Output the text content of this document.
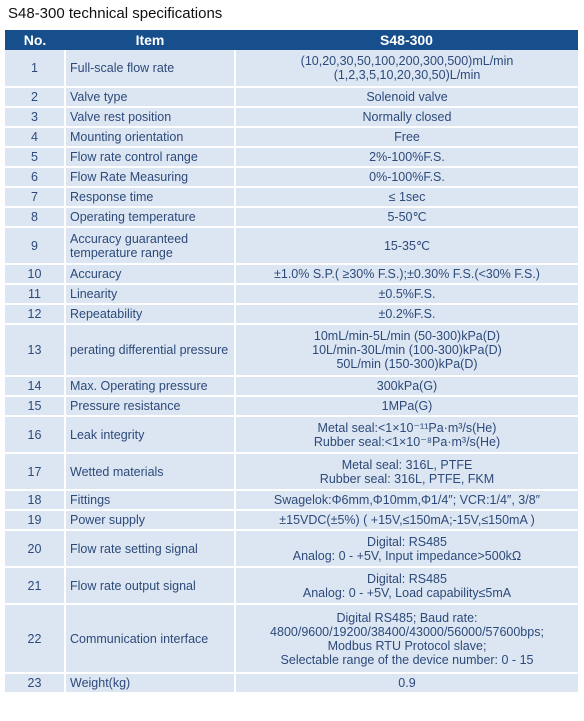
S48-300 technical specifications
No.	Item	S48-300
1	Full-scale flow rate	(10,20,30,50,100,200,300,500)mL/min
(1,2,3,5,10,20,30,50)L/min

2	Valve type	Solenoid valve

3	Valve rest position	Normally closed

4	Mounting orientation	Free

5	Flow rate control range	2%-100%F.S.

6	Flow Rate Measuring	0%-100%F.S.

7	Response time	≤ 1sec

8	Operating temperature	5-50℃

9	Accuracy guaranteed temperature range	15-35℃

10	Accuracy	±1.0% S.P.( ≥30% F.S.);±0.30% F.S.(<30% F.S.)

11	Linearity	±0.5%F.S.

12	Repeatability	±0.2%F.S.

13	perating differential pressure	10mL/min-5L/min (50-300)kPa(D)
10L/min-30L/min (100-300)kPa(D)
50L/min (150-300)kPa(D)

14	Max. Operating pressure	300kPa(G)

15	Pressure resistance	1MPa(G)

16	Leak integrity	Metal seal:<1×10⁻¹¹Pa·m³/s(He)
Rubber seal:<1×10⁻⁸Pa·m³/s(He)

17	Wetted materials	Metal seal: 316L, PTFE
Rubber seal: 316L, PTFE, FKM

18	Fittings	Swagelok:Φ6mm,Φ10mm,Φ1/4″; VCR:1/4″, 3/8″

19	Power supply	±15VDC(±5%) ( +15V,≤150mA;-15V,≤150mA )

20	Flow rate setting signal	Digital: RS485
Analog: 0 - +5V, Input impedance>500kΩ

21	Flow rate output signal	Digital: RS485
Analog: 0 - +5V, Load capability≤5mA

22	Communication interface	Digital RS485; Baud rate:
4800/9600/19200/38400/43000/56000/57600bps;
Modbus RTU Protocol slave;
Selectable range of the device number: 0 - 15

23	Weight(kg)	0.9
